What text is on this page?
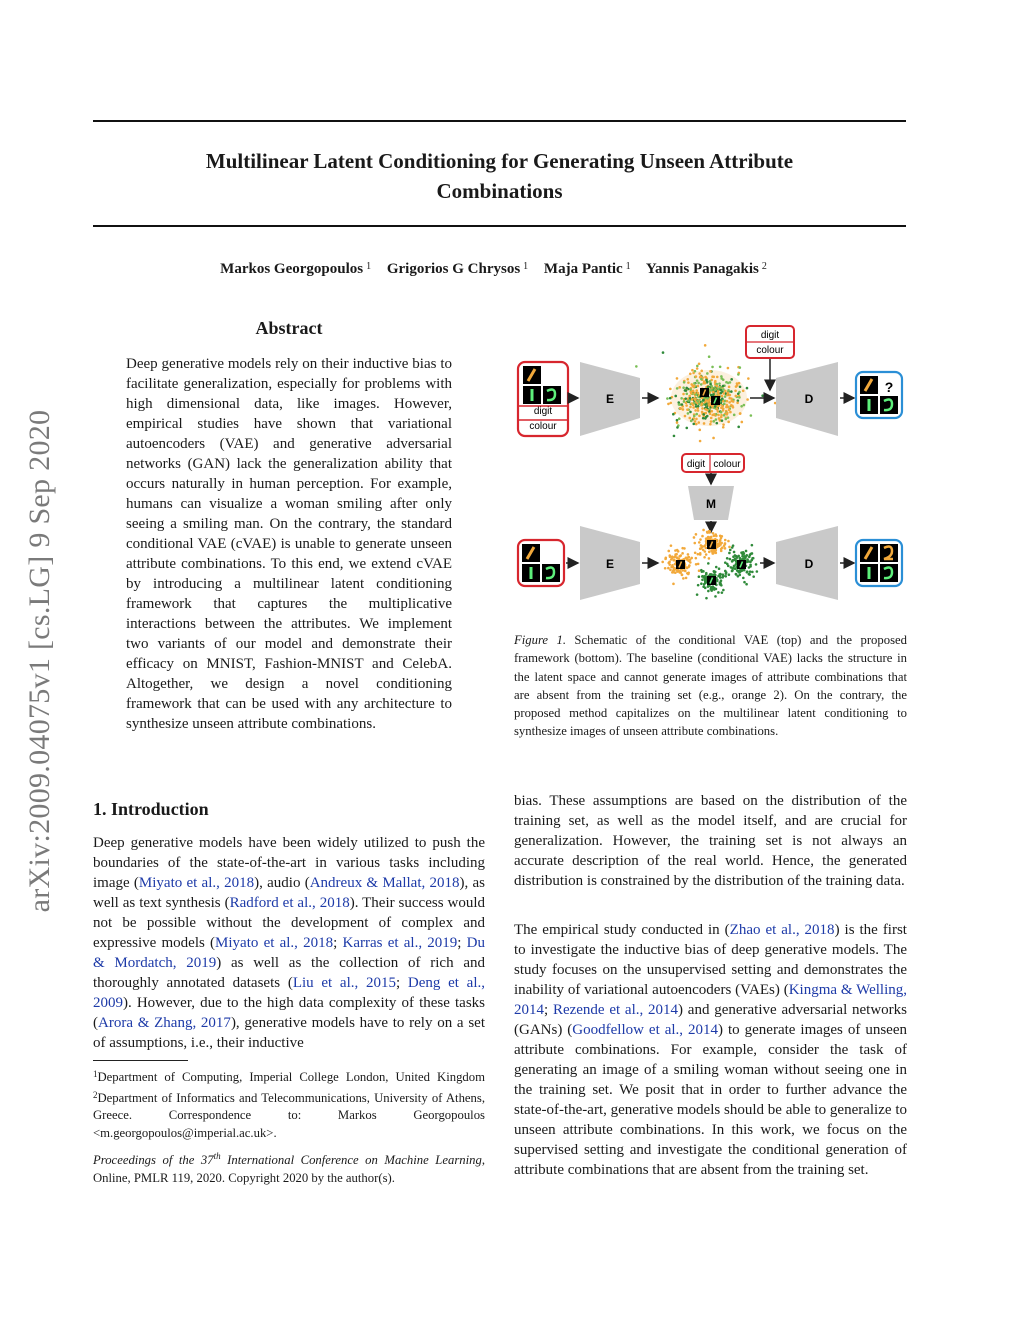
arXiv:2009.04075v1 [cs.LG] 9 Sep 2020
Multilinear Latent Conditioning for Generating Unseen Attribute
Combinations
Markos Georgopoulos $^1$ Grigorios G Chrysos $^1$ Maja Pantic $^1$ Yannis Panagakis $^2$
Abstract
Deep generative models rely on their inductive bias to facilitate generalization, especially for problems with high dimensional data, like images. However, empirical studies have shown that variational autoencoders (VAE) and generative adversarial networks (GAN) lack the generalization ability that occurs naturally in human perception. For example, humans can visualize a woman smiling after only seeing a smiling man. On the contrary, the standard conditional VAE (cVAE) is unable to generate unseen attribute combinations. To this end, we extend cVAE by introducing a multilinear latent conditioning framework that captures the multiplicative interactions between the attributes. We implement two variants of our model and demonstrate their efficacy on MNIST, Fashion-MNIST and CelebA. Altogether, we design a novel conditioning framework that can be used with any architecture to synthesize unseen attribute combinations.
digit
colour
E
digit
colour
D
?
digit colour
M
E	D
Figure 1. Schematic of the conditional VAE (top) and the proposed framework (bottom). The baseline (conditional VAE) lacks the structure in the latent space and cannot generate images of attribute combinations that are absent from the training set (e.g., orange 2). On the contrary, the proposed method capitalizes on the multilinear latent conditioning to synthesize images of unseen attribute combinations.
1. Introduction
Deep generative models have been widely utilized to push the boundaries of the state-of-the-art in various tasks including image (Miyato et al., 2018), audio (Andreux & Mallat, 2018), as well as text synthesis (Radford et al., 2018). Their success would not be possible without the development of complex and expressive models (Miyato et al., 2018; Karras et al., 2019; Du & Mordatch, 2019) as well as the collection of rich and thoroughly annotated datasets (Liu et al., 2015; Deng et al., 2009). However, due to the high data complexity of these tasks (Arora & Zhang, 2017), generative models have to rely on a set of assumptions, i.e., their inductive
$^1$Department of Computing, Imperial College London, United Kingdom $^2$Department of Informatics and Telecommunications, University of Athens, Greece. Correspondence to: Markos Georgopoulos <m.georgopoulos@imperial.ac.uk>.
Proceedings of the 37th International Conference on Machine Learning, Online, PMLR 119, 2020. Copyright 2020 by the author(s).
bias. These assumptions are based on the distribution of the training set, as well as the model itself, and are crucial for generalization. However, the training set is not always an accurate description of the real world. Hence, the generated distribution is constrained by the distribution of the training data.
The empirical study conducted in (Zhao et al., 2018) is the first to investigate the inductive bias of deep generative models. The study focuses on the unsupervised setting and demonstrates the inability of variational autoencoders (VAEs) (Kingma & Welling, 2014; Rezende et al., 2014) and generative adversarial networks (GANs) (Goodfellow et al., 2014) to generate images of unseen attribute combinations. For example, consider the task of generating an image of a smiling woman without seeing one in the training set. We posit that in order to further advance the state-of-the-art, generative models should be able to generalize to unseen attribute combinations. In this work, we focus on the supervised setting and investigate the conditional generation of attribute combinations that are absent from the training set.
